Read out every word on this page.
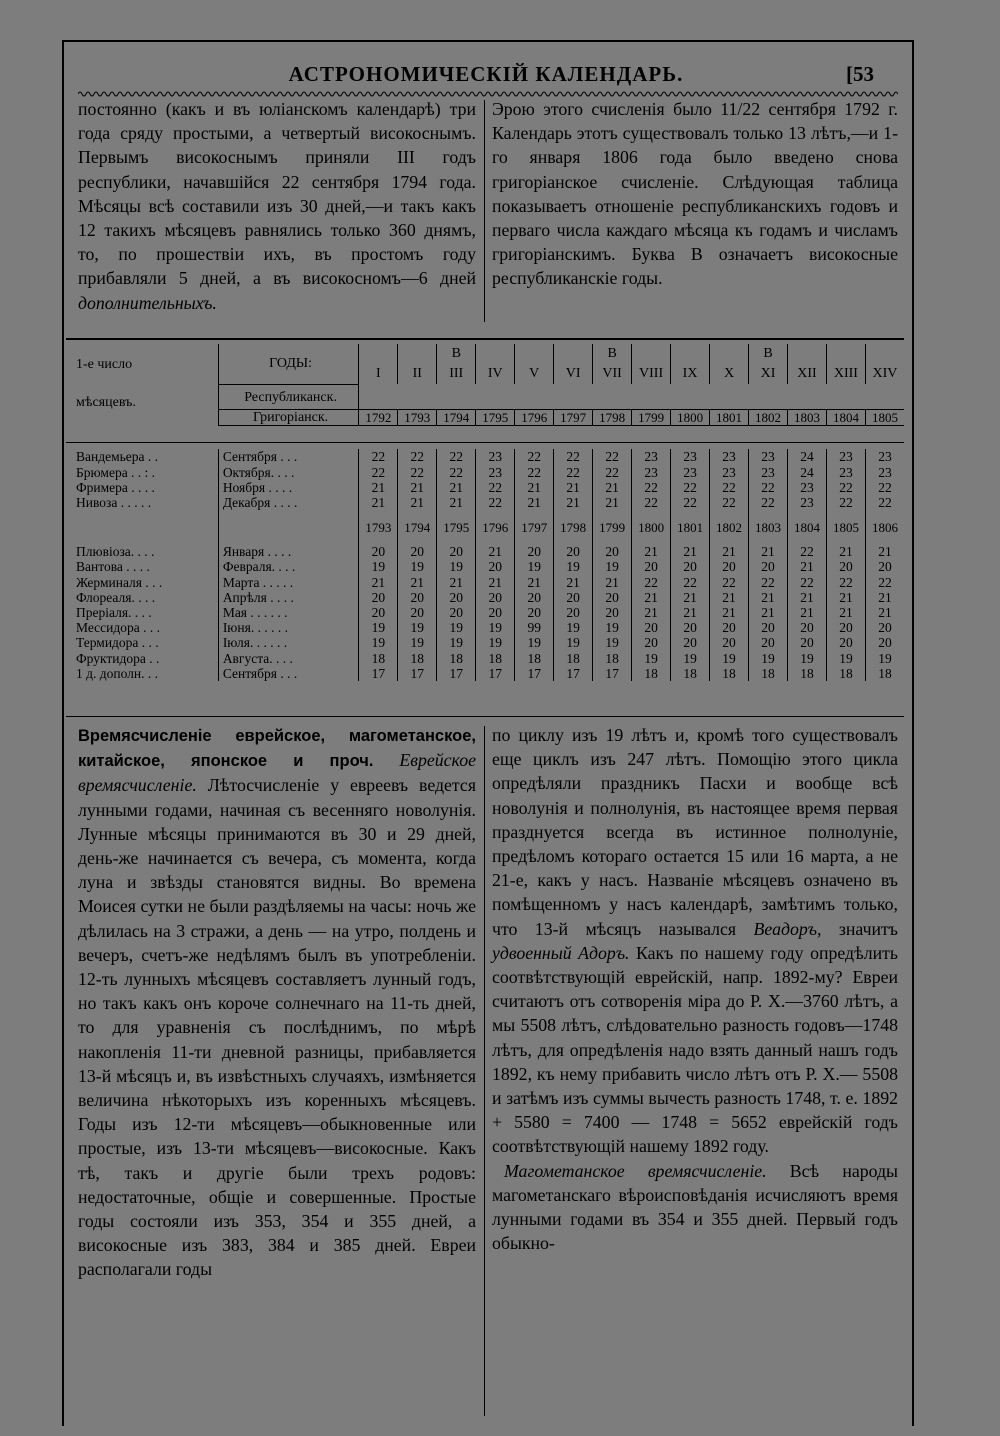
АСТРОНОМИЧЕСКІЙ КАЛЕНДАРЬ.	[53

постоянно (какъ и въ юліанскомъ календарѣ) три года сряду простыми, а четвертый високоснымъ. Первымъ високоснымъ приняли III годъ республики, начавшійся 22 сентября 1794 года. Мѣсяцы всѣ составили изъ 30 дней,—и такъ какъ 12 такихъ мѣсяцевъ равнялись только 360 днямъ, то, по прошествіи ихъ, въ простомъ году прибавляли 5 дней, а въ високосномъ—6 дней дополнительныхъ.

Эрою этого счисленія было 11/22 сентября 1792 г. Календарь этотъ существовалъ только 13 лѣтъ,—и 1-го января 1806 года было введено снова григоріанское счисленіе. Слѣдующая таблица показываетъ отношеніе республиканскихъ годовъ и перваго числа каждаго мѣсяца къ годамъ и числамъ григоріанскимъ. Буква B означаетъ високосные республиканскіе годы.

1-е число	ГОДЫ:	
		B				B				B			
I	II	III	IV	V	VI	VII	VIII	IX	X	XI	XII	XIII	XIV

мѣсяцевъ.	Республиканск.	
	Григоріанск.	1792	1793	1794	1795	1796	1797	1798	1799	1800	1801	1802	1803	1804	1805

Вандемьера . .	Сентября . . .	22	22	22	23	22	22	22	23	23	23	23	24	23	23
Брюмера . . : .	Октября. . . .	22	22	22	23	22	22	22	23	23	23	23	24	23	23
Фримера . . . .	Ноября . . . .	21	21	21	22	21	21	21	22	22	22	22	23	22	22
Нивоза . . . . .	Декабря . . . .	21	21	21	22	21	21	21	22	22	22	22	23	22	22
		1793	1794	1795	1796	1797	1798	1799	1800	1801	1802	1803	1804	1805	1806
Плювіоза. . . .	Января . . . .	20	20	20	21	20	20	20	21	21	21	21	22	21	21
Вантова . . . .	Февраля. . . .	19	19	19	20	19	19	19	20	20	20	20	21	20	20
Жерминаля . . .	Марта . . . . .	21	21	21	21	21	21	21	22	22	22	22	22	22	22
Флореаля. . . .	Апрѣля . . . .	20	20	20	20	20	20	20	21	21	21	21	21	21	21
Преріаля. . . .	Мая . . . . . .	20	20	20	20	20	20	20	21	21	21	21	21	21	21
Мессидора . . .	Іюня. . . . . .	19	19	19	19	99	19	19	20	20	20	20	20	20	20
Термидора . . .	Іюля. . . . . .	19	19	19	19	19	19	19	20	20	20	20	20	20	20
Фруктидора . .	Августа. . . .	18	18	18	18	18	18	18	19	19	19	19	19	19	19
1 д. дополн. . .	Сентября . . .	17	17	17	17	17	17	17	18	18	18	18	18	18	18

Времясчисленіе еврейское, магометанское, китайское, японское и проч. Еврейское времясчисленіе. Лѣтосчисленіе у евреевъ ведется лунными годами, начиная съ весенняго новолунія. Лунные мѣсяцы принимаются въ 30 и 29 дней, день-же начинается съ вечера, съ момента, когда луна и звѣзды становятся видны. Во времена Моисея сутки не были раздѣляемы на часы: ночь же дѣлилась на 3 стражи, а день — на утро, полдень и вечеръ, счетъ-же недѣлямъ былъ въ употребленіи. 12-ть лунныхъ мѣсяцевъ составляетъ лунный годъ, но такъ какъ онъ короче солнечнаго на 11-ть дней, то для уравненія съ послѣднимъ, по мѣрѣ накопленія 11-ти дневной разницы, прибавляется 13-й мѣсяцъ и, въ извѣстныхъ случаяхъ, измѣняется величина нѣкоторыхъ изъ коренныхъ мѣсяцевъ. Годы изъ 12-ти мѣсяцевъ—обыкновенные или простые, изъ 13-ти мѣсяцевъ—високосные. Какъ тѣ, такъ и другіе были трехъ родовъ: недостаточные, общіе и совершенные. Простые годы состояли изъ 353, 354 и 355 дней, а високосные изъ 383, 384 и 385 дней. Евреи располагали годы

по циклу изъ 19 лѣтъ и, кромѣ того существовалъ еще циклъ изъ 247 лѣтъ. Помощію этого цикла опредѣляли праздникъ Пасхи и вообще всѣ новолунія и полнолунія, въ настоящее время первая празднуется всегда въ истинное полнолуніе, предѣломъ котораго остается 15 или 16 марта, а не 21-е, какъ у насъ. Названіе мѣсяцевъ означено въ помѣщенномъ у насъ календарѣ, замѣтимъ только, что 13-й мѣсяцъ назывался Веадоръ, значитъ удвоенный Адоръ. Какъ по нашему году опредѣлить соотвѣтствующій еврейскій, напр. 1892-му? Евреи считаютъ отъ сотворенія міра до Р. Х.—3760 лѣтъ, а мы 5508 лѣтъ, слѣдовательно разность годовъ—1748 лѣтъ, для опредѣленія надо взять данный нашъ годъ 1892, къ нему прибавить число лѣтъ отъ Р. Х.— 5508 и затѣмъ изъ суммы вычесть разность 1748, т. е. 1892 + 5580 = 7400 — 1748 = 5652 еврейскій годъ соотвѣтствующій нашему 1892 году.

Магометанское времясчисленіе. Всѣ народы магометанскаго вѣроисповѣданія исчисляютъ время лунными годами въ 354 и 355 дней. Первый годъ обыкно-
